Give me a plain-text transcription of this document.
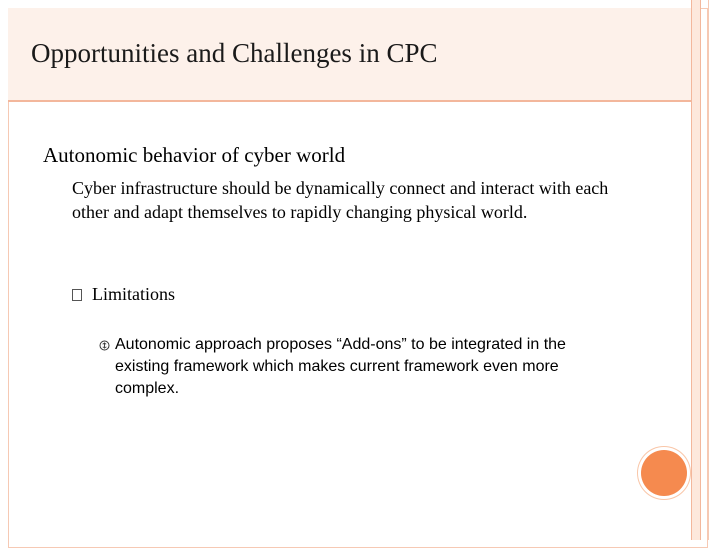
Opportunities and Challenges in CPC
Autonomic behavior of cyber world

Cyber infrastructure should be dynamically connect and interact with each other and adapt themselves to rapidly changing physical world.

Limitations

Autonomic approach proposes “Add-ons” to be integrated in the existing framework which makes current framework even more complex.
